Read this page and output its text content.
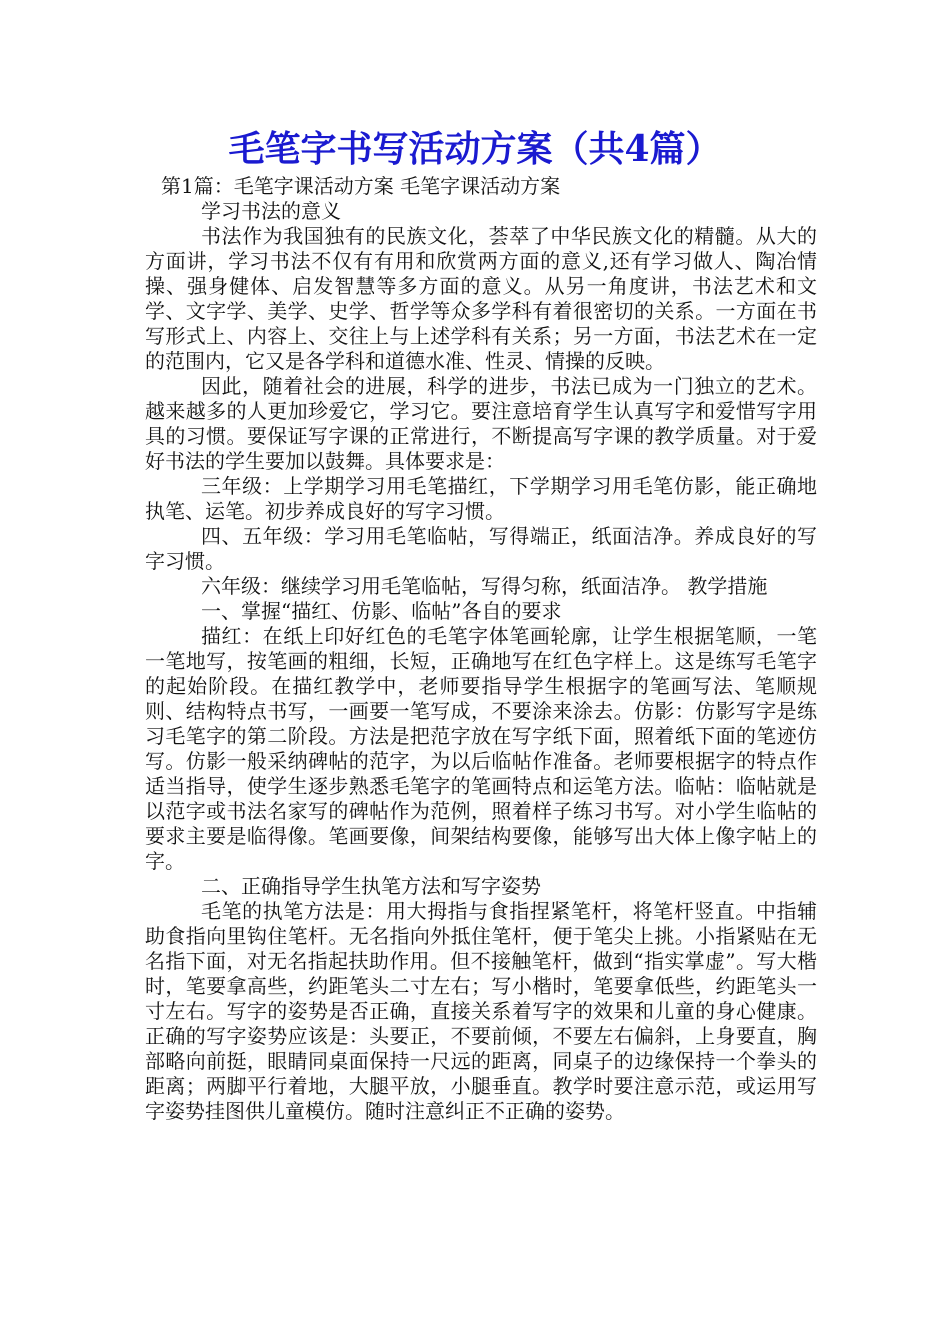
毛笔字书写活动方案（共4篇）

第1篇：毛笔字课活动方案 毛笔字课活动方案

学习书法的意义

书法作为我国独有的民族文化，荟萃了中华民族文化的精髓。从大的方面讲，学习书法不仅有有用和欣赏两方面的意义,还有学习做人、陶冶情操、强身健体、启发智慧等多方面的意义。从另一角度讲，书法艺术和文学、文字学、美学、史学、哲学等众多学科有着很密切的关系。一方面在书写形式上、内容上、交往上与上述学科有关系；另一方面，书法艺术在一定的范围内，它又是各学科和道德水准、性灵、情操的反映。

因此，随着社会的进展，科学的进步，书法已成为一门独立的艺术。越来越多的人更加珍爱它，学习它。要注意培育学生认真写字和爱惜写字用具的习惯。要保证写字课的正常进行，不断提高写字课的教学质量。对于爱好书法的学生要加以鼓舞。具体要求是：

三年级：上学期学习用毛笔描红，下学期学习用毛笔仿影，能正确地执笔、运笔。初步养成良好的写字习惯。

四、五年级：学习用毛笔临帖，写得端正，纸面洁净。养成良好的写字习惯。

六年级：继续学习用毛笔临帖，写得匀称，纸面洁净。 教学措施

一、掌握“描红、仿影、临帖”各自的要求

描红：在纸上印好红色的毛笔字体笔画轮廓，让学生根据笔顺，一笔一笔地写，按笔画的粗细，长短，正确地写在红色字样上。这是练写毛笔字的起始阶段。在描红教学中，老师要指导学生根据字的笔画写法、笔顺规则、结构特点书写，一画要一笔写成，不要涂来涂去。仿影：仿影写字是练习毛笔字的第二阶段。方法是把范字放在写字纸下面，照着纸下面的笔迹仿写。仿影一般采纳碑帖的范字，为以后临帖作准备。老师要根据字的特点作适当指导，使学生逐步熟悉毛笔字的笔画特点和运笔方法。临帖：临帖就是以范字或书法名家写的碑帖作为范例，照着样子练习书写。对小学生临帖的要求主要是临得像。笔画要像，间架结构要像，能够写出大体上像字帖上的字。

二、正确指导学生执笔方法和写字姿势

毛笔的执笔方法是：用大拇指与食指捏紧笔杆，将笔杆竖直。中指辅助食指向里钩住笔杆。无名指向外抵住笔杆，便于笔尖上挑。小指紧贴在无名指下面，对无名指起扶助作用。但不接触笔杆，做到“指实掌虚”。写大楷时，笔要拿高些，约距笔头二寸左右；写小楷时，笔要拿低些，约距笔头一寸左右。写字的姿势是否正确，直接关系着写字的效果和儿童的身心健康。正确的写字姿势应该是：头要正，不要前倾，不要左右偏斜，上身要直，胸部略向前挺，眼睛同桌面保持一尺远的距离，同桌子的边缘保持一个拳头的距离；两脚平行着地，大腿平放，小腿垂直。教学时要注意示范，或运用写字姿势挂图供儿童模仿。随时注意纠正不正确的姿势。
